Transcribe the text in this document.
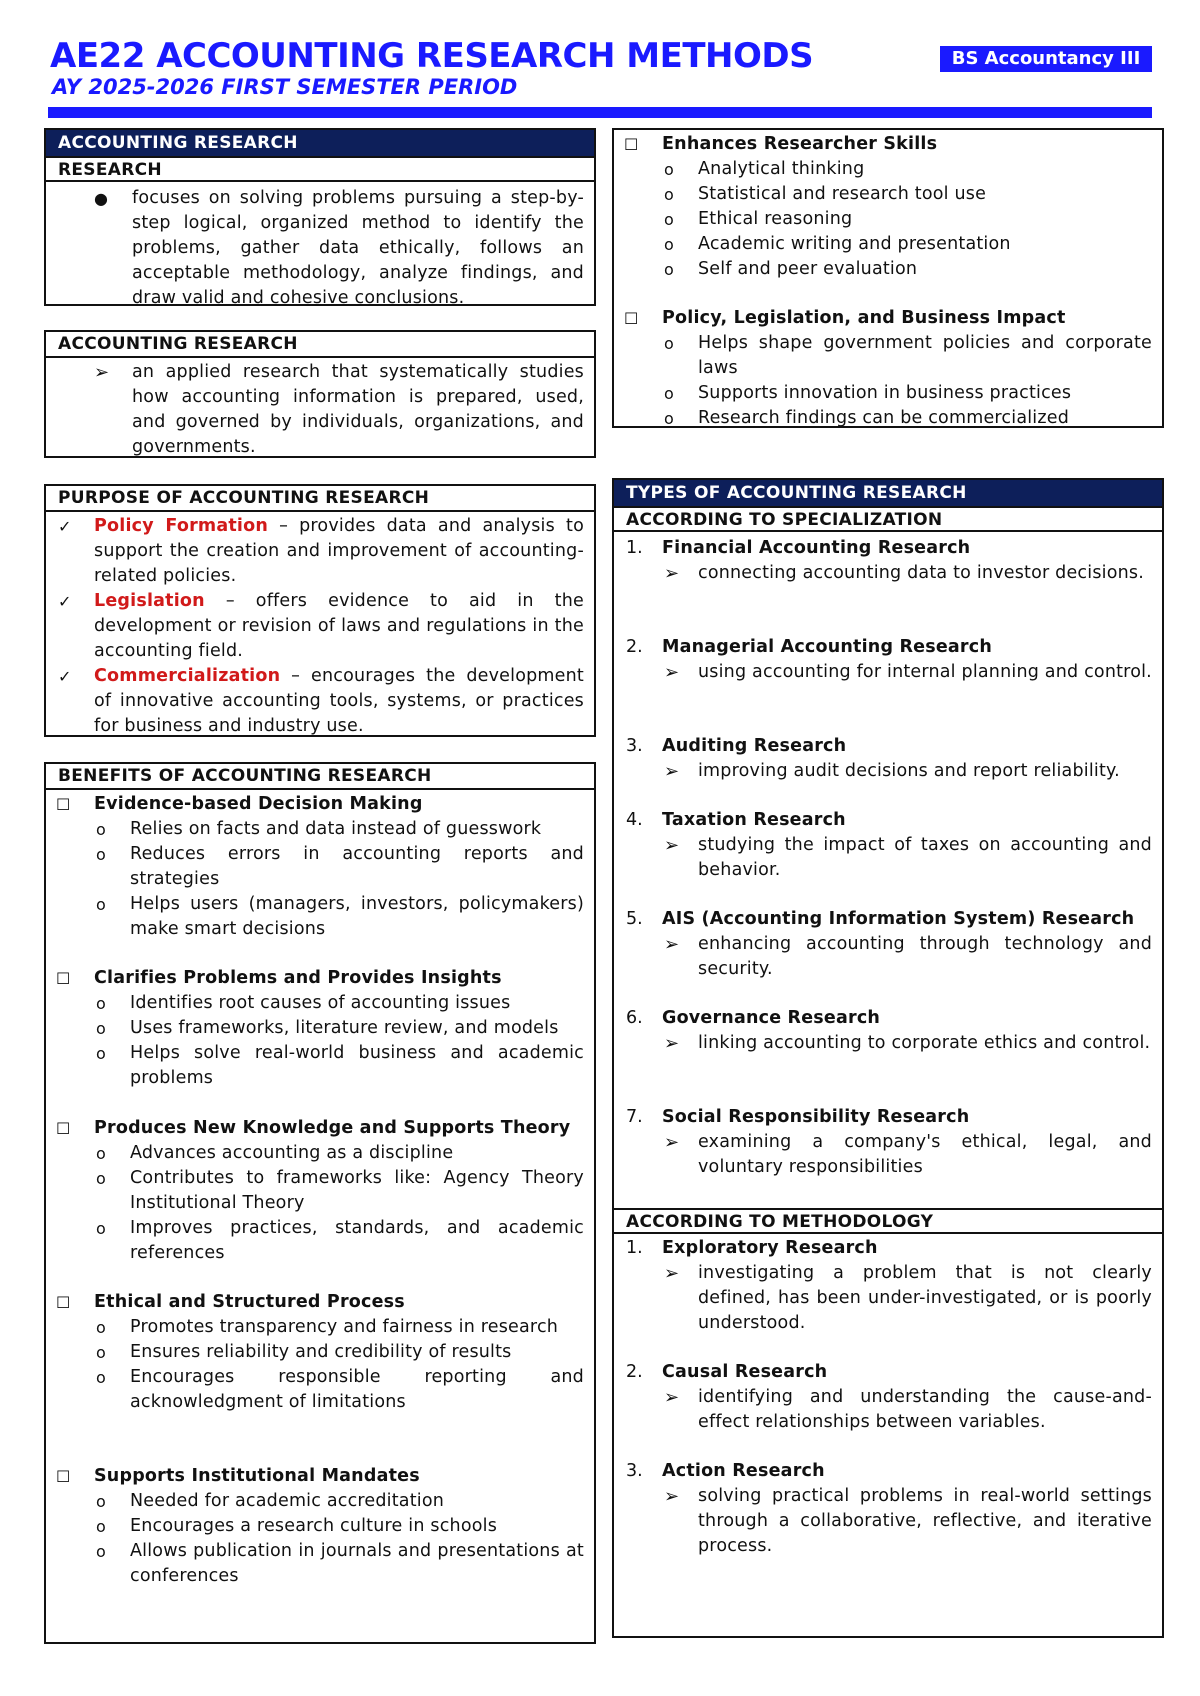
AE22 ACCOUNTING RESEARCH METHODS
AY 2025-2026 FIRST SEMESTER PERIOD
BS Accountancy III
ACCOUNTING RESEARCH
RESEARCH
● focuses on solving problems pursuing a step-by-step logical, organized method to identify the problems, gather data ethically, follows an acceptable methodology, analyze findings, and draw valid and cohesive conclusions.
ACCOUNTING RESEARCH
➢ an applied research that systematically studies how accounting information is prepared, used, and governed by individuals, organizations, and governments.
PURPOSE OF ACCOUNTING RESEARCH
✓ Policy Formation – provides data and analysis to support the creation and improvement of accounting-related policies.
✓ Legislation – offers evidence to aid in the development or revision of laws and regulations in the accounting field.
✓ Commercialization – encourages the development of innovative accounting tools, systems, or practices for business and industry use.
BENEFITS OF ACCOUNTING RESEARCH
☐ Evidence-based Decision Making
o Relies on facts and data instead of guesswork
o Reduces errors in accounting reports and strategies
o Helps users (managers, investors, policymakers) make smart decisions
☐ Clarifies Problems and Provides Insights
o Identifies root causes of accounting issues
o Uses frameworks, literature review, and models
o Helps solve real-world business and academic problems
☐ Produces New Knowledge and Supports Theory
o Advances accounting as a discipline
o Contributes to frameworks like: Agency Theory Institutional Theory
o Improves practices, standards, and academic references
☐ Ethical and Structured Process
o Promotes transparency and fairness in research
o Ensures reliability and credibility of results
o Encourages responsible reporting and acknowledgment of limitations
☐ Supports Institutional Mandates
o Needed for academic accreditation
o Encourages a research culture in schools
o Allows publication in journals and presentations at conferences
☐ Enhances Researcher Skills
o Analytical thinking
o Statistical and research tool use
o Ethical reasoning
o Academic writing and presentation
o Self and peer evaluation
☐ Policy, Legislation, and Business Impact
o Helps shape government policies and corporate laws
o Supports innovation in business practices
o Research findings can be commercialized
TYPES OF ACCOUNTING RESEARCH
ACCORDING TO SPECIALIZATION
1. Financial Accounting Research
➢ connecting accounting data to investor decisions.
2. Managerial Accounting Research
➢ using accounting for internal planning and control.
3. Auditing Research
➢ improving audit decisions and report reliability.
4. Taxation Research
➢ studying the impact of taxes on accounting and behavior.
5. AIS (Accounting Information System) Research
➢ enhancing accounting through technology and security.
6. Governance Research
➢ linking accounting to corporate ethics and control.
7. Social Responsibility Research
➢ examining a company's ethical, legal, and voluntary responsibilities
ACCORDING TO METHODOLOGY
1. Exploratory Research
➢ investigating a problem that is not clearly defined, has been under-investigated, or is poorly understood.
2. Causal Research
➢ identifying and understanding the cause-and-effect relationships between variables.
3. Action Research
➢ solving practical problems in real-world settings through a collaborative, reflective, and iterative process.
